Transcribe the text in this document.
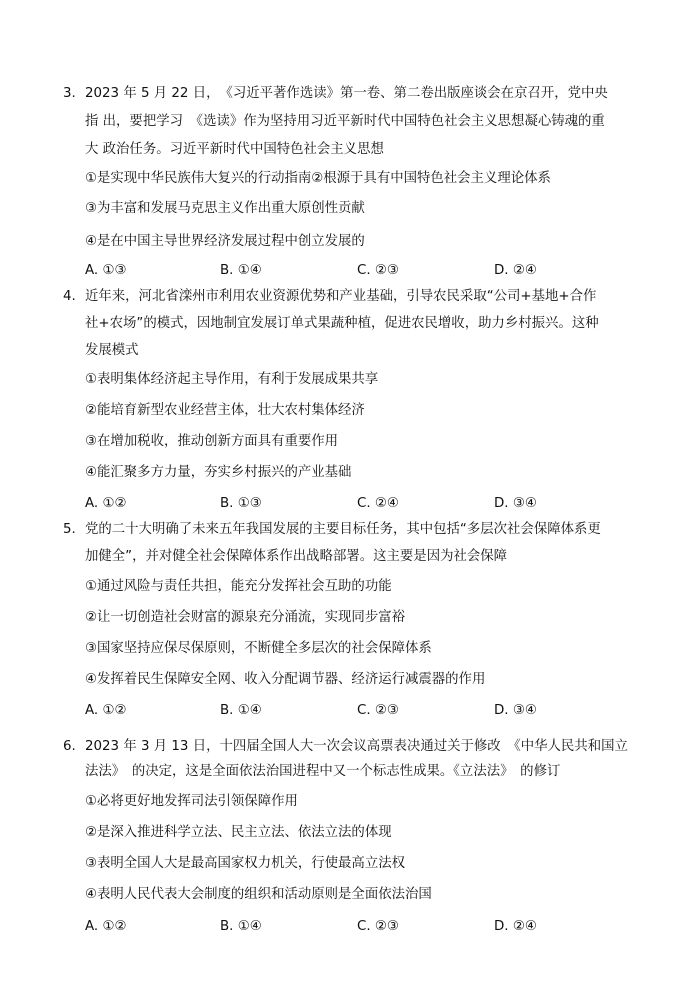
3. 2023 年 5 月 22 日，　《习近平著作选读》第一卷、第二卷出版座谈会在京召开，党中央
指 出，要把学习　《选读》作为坚持用习近平新时代中国特色社会主义思想凝心铸魂的重
大 政治任务。习近平新时代中国特色社会主义思想
①是实现中华民族伟大复兴的行动指南②根源于具有中国特色社会主义理论体系
③为丰富和发展马克思主义作出重大原创性贡献
④是在中国主导世界经济发展过程中创立发展的
A. ①③	B. ①④	C. ②③	D. ②④
4. 近年来，河北省滦州市利用农业资源优势和产业基础，引导农民采取“公司+基地+合作
社+农场”的模式，因地制宜发展订单式果蔬种植，促进农民增收，助力乡村振兴。这种
发展模式
①表明集体经济起主导作用，有利于发展成果共享
②能培育新型农业经营主体，壮大农村集体经济
③在增加税收，推动创新方面具有重要作用
④能汇聚多方力量，夯实乡村振兴的产业基础
A. ①②	B. ①③	C. ②④	D. ③④
5. 党的二十大明确了未来五年我国发展的主要目标任务，其中包括“多层次社会保障体系更
加健全”，并对健全社会保障体系作出战略部署。这主要是因为社会保障
①通过风险与责任共担，能充分发挥社会互助的功能
②让一切创造社会财富的源泉充分涌流，实现同步富裕
③国家坚持应保尽保原则，不断健全多层次的社会保障体系
④发挥着民生保障安全网、收入分配调节器、经济运行减震器的作用
A. ①②	B. ①④	C. ②③	D. ③④
6. 2023 年 3 月 13 日，十四届全国人大一次会议高票表决通过关于修改　《中华人民共和国立
法法》　的决定，这是全面依法治国进程中又一个标志性成果。《立法法》　的修订
①必将更好地发挥司法引领保障作用
②是深入推进科学立法、民主立法、依法立法的体现
③表明全国人大是最高国家权力机关，行使最高立法权
④表明人民代表大会制度的组织和活动原则是全面依法治国
A. ①②	B. ①④	C. ②③	D. ②④
